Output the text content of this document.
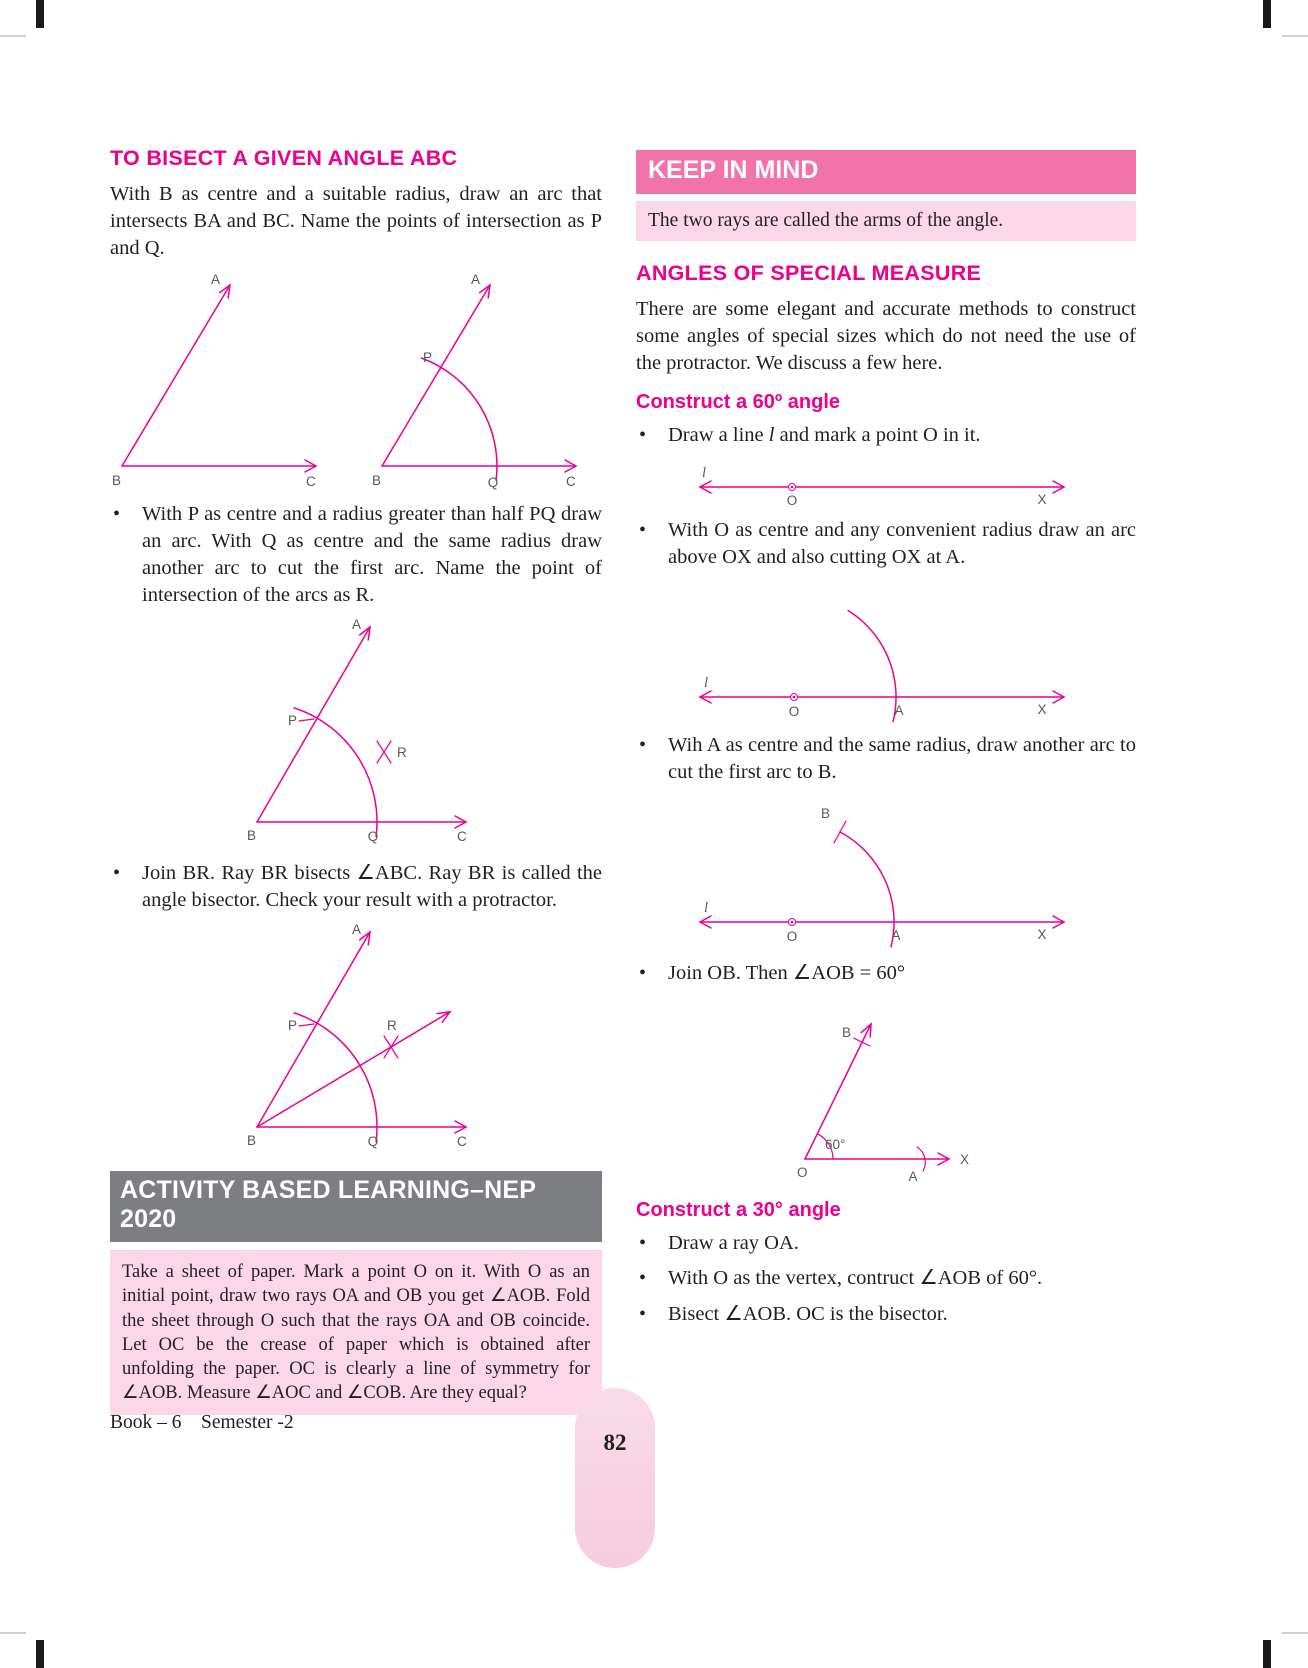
TO BISECT A GIVEN ANGLE ABC

With B as centre and a suitable radius, draw an arc that intersects BA and BC. Name the points of intersection as P and Q.

A
B	C
A
P
B	Q	C
•	With P as centre and a radius greater than half PQ draw an arc. With Q as centre and the same radius draw another arc to cut the first arc. Name the point of intersection of the arcs as R.

A
P
R
B	Q	C
•	Join BR. Ray BR bisects ∠ABC. Ray BR is called the angle bisector. Check your result with a protractor.

A
P	R
B	Q	C
ACTIVITY BASED LEARNING–NEP 2020
Take a sheet of paper. Mark a point O on it. With O as an initial point, draw two rays OA and OB you get ∠AOB. Fold the sheet through O such that the rays OA and OB coincide. Let OC be the crease of paper which is obtained after unfolding the paper. OC is clearly a line of symmetry for ∠AOB. Measure ∠AOC and ∠COB. Are they equal?
KEEP IN MIND
The two rays are called the arms of the angle.
ANGLES OF SPECIAL MEASURE

There are some elegant and accurate methods to construct some angles of special sizes which do not need the use of the protractor. We discuss a few here.

Construct a 60º angle
•	Draw a line l and mark a point O in it.

l
O	X
•	With O as centre and any convenient radius draw an arc above OX and also cutting OX at A.

l
O	A	X
•	Wih A as centre and the same radius, draw another arc to cut the first arc to B.

B
l
O	A	X
•	Join OB. Then ∠AOB = 60°

B
60°
O	A
X
Construct a 30° angle
•	Draw a ray OA.

•	With O as the vertex, contruct ∠AOB of 60°.

•	Bisect ∠AOB. OC is the bisector.

Book – 6    Semester -2
82
